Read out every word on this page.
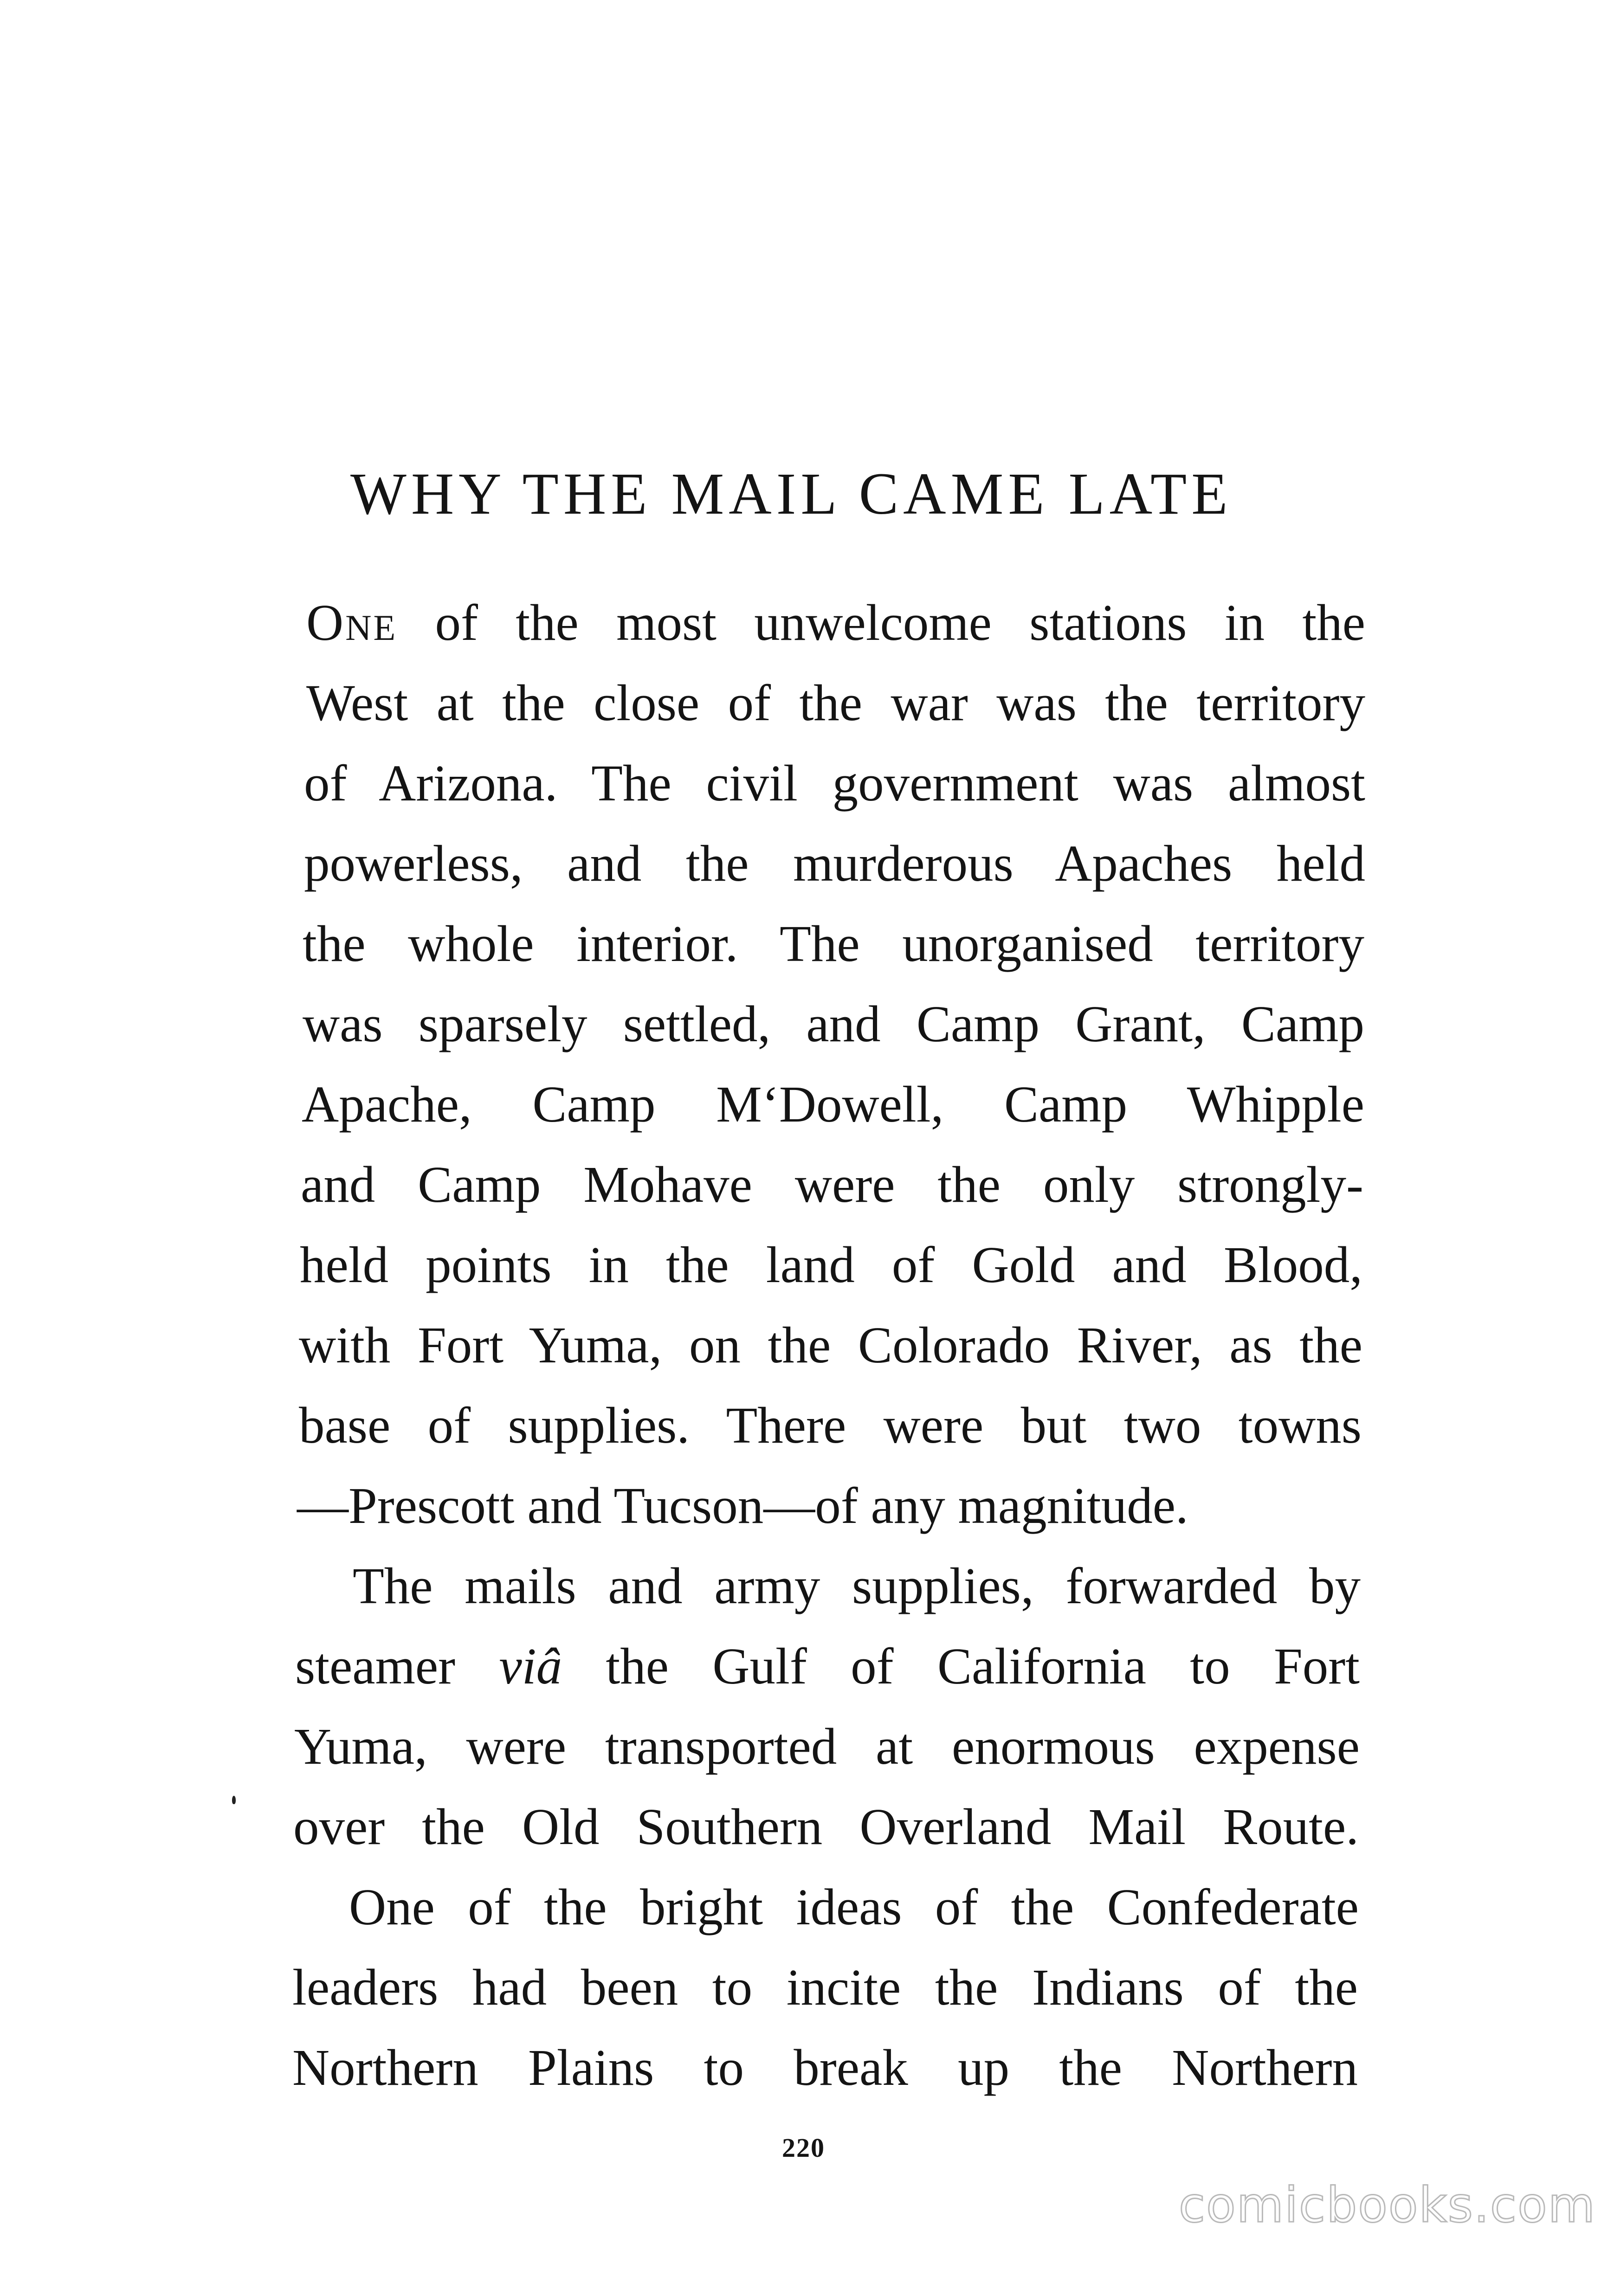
WHY THE MAIL CAME LATE

One of the most unwelcome stations in the

West at the close of the war was the territory

of Arizona. The civil government was almost

powerless, and the murderous Apaches held

the whole interior. The unorganised territory

was sparsely settled, and Camp Grant, Camp

Apache, Camp M‘Dowell, Camp Whipple

and Camp Mohave were the only strongly-

held points in the land of Gold and Blood,

with Fort Yuma, on the Colorado River, as the

base of supplies. There were but two towns

—Prescott and Tucson—of any magnitude.

The mails and army supplies, forwarded by

steamer viâ the Gulf of California to Fort

Yuma, were transported at enormous expense

over the Old Southern Overland Mail Route.

One of the bright ideas of the Confederate

leaders had been to incite the Indians of the

Northern Plains to break up the Northern

220

comicbooks.com
